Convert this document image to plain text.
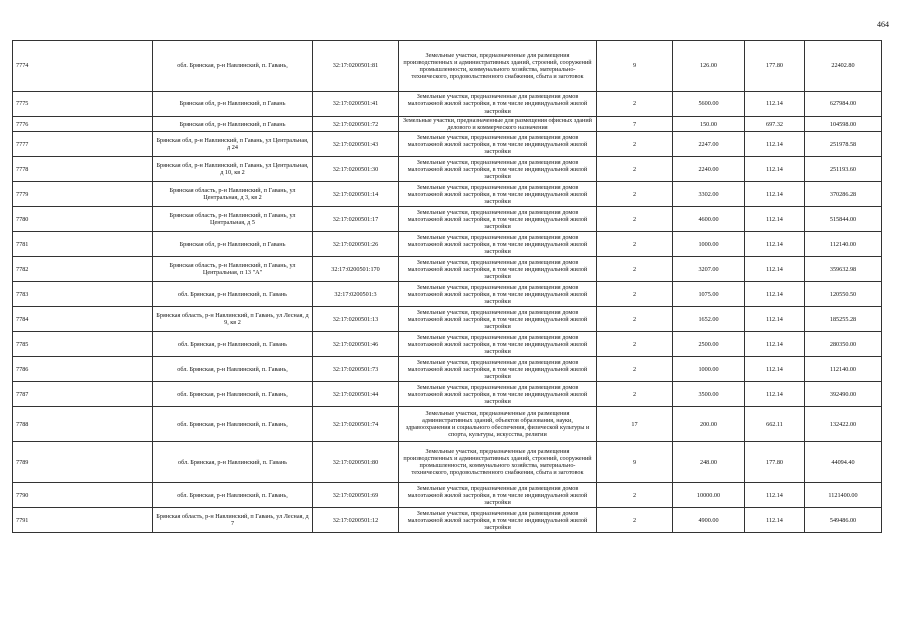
464
7774	обл. Брянская, р-н Навлинский, п. Гавань,	32:17:0200501:81	Земельные участки, предназначенные для размещения производственных и административных зданий, строений, сооружений промышленности, коммунального хозяйства, материально-технического, продовольственного снабжения, сбыта и заготовок	9	126.00	177.80	22402.80
7775	Брянская обл, р-н Навлинский, п Гавань	32:17:0200501:41	Земельные участки, предназначенные для размещения домов малоэтажной жилой застройки, в том числе индивидуальной жилой застройки	2	5600.00	112.14	627984.00
7776	Брянская обл, р-н Навлинский, п Гавань	32:17:0200501:72	Земельные участки, предназначенные для размещения офисных зданий делового и коммерческого назначения	7	150.00	697.32	104598.00
7777	Брянская обл, р-н Навлинский, п Гавань, ул Центральная, д 24	32:17:0200501:43	Земельные участки, предназначенные для размещения домов малоэтажной жилой застройки, в том числе индивидуальной жилой застройки	2	2247.00	112.14	251978.58
7778	Брянская обл, р-н Навлинский, п Гавань, ул Центральная, д 10, кв 2	32:17:0200501:30	Земельные участки, предназначенные для размещения домов малоэтажной жилой застройки, в том числе индивидуальной жилой застройки	2	2240.00	112.14	251193.60
7779	Брянская область, р-н Навлинский, п Гавань, ул Центральная, д 3, кв 2	32:17:0200501:14	Земельные участки, предназначенные для размещения домов малоэтажной жилой застройки, в том числе индивидуальной жилой застройки	2	3302.00	112.14	370286.28
7780	Брянская область, р-н Навлинский, п Гавань, ул Центральная, д 5	32:17:0200501:17	Земельные участки, предназначенные для размещения домов малоэтажной жилой застройки, в том числе индивидуальной жилой застройки	2	4600.00	112.14	515844.00
7781	Брянская обл, р-н Навлинский, п Гавань	32:17:0200501:26	Земельные участки, предназначенные для размещения домов малоэтажной жилой застройки, в том числе индивидуальной жилой застройки	2	1000.00	112.14	112140.00
7782	Брянская область, р-н Навлинский, п Гавань, ул Центральная, п 13 "А"	32:17:0200501:170	Земельные участки, предназначенные для размещения домов малоэтажной жилой застройки, в том числе индивидуальной жилой застройки	2	3207.00	112.14	359632.98
7783	обл. Брянская, р-н Навлинский, п. Гавань	32:17:0200501:3	Земельные участки, предназначенные для размещения домов малоэтажной жилой застройки, в том числе индивидуальной жилой застройки	2	1075.00	112.14	120550.50
7784	Брянская область, р-н Навлинский, п Гавань, ул Лесная, д 9, кв 2	32:17:0200501:13	Земельные участки, предназначенные для размещения домов малоэтажной жилой застройки, в том числе индивидуальной жилой застройки	2	1652.00	112.14	185255.28
7785	обл. Брянская, р-н Навлинский, п. Гавань	32:17:0200501:46	Земельные участки, предназначенные для размещения домов малоэтажной жилой застройки, в том числе индивидуальной жилой застройки	2	2500.00	112.14	280350.00
7786	обл. Брянская, р-н Навлинский, п. Гавань,	32:17:0200501:73	Земельные участки, предназначенные для размещения домов малоэтажной жилой застройки, в том числе индивидуальной жилой застройки	2	1000.00	112.14	112140.00
7787	обл. Брянская, р-н Навлинский, п. Гавань,	32:17:0200501:44	Земельные участки, предназначенные для размещения домов малоэтажной жилой застройки, в том числе индивидуальной жилой застройки	2	3500.00	112.14	392490.00
7788	обл. Брянская, р-н Навлинский, п. Гавань,	32:17:0200501:74	Земельные участки, предназначенные для размещения административных зданий, объектов образования, науки, здравоохранения и социального обеспечения, физической культуры и спорта, культуры, искусства, религии	17	200.00	662.11	132422.00
7789	обл. Брянская, р-н Навлинский, п. Гавань	32:17:0200501:80	Земельные участки, предназначенные для размещения производственных и административных зданий, строений, сооружений промышленности, коммунального хозяйства, материально-технического, продовольственного снабжения, сбыта и заготовок	9	248.00	177.80	44094.40
7790	обл. Брянская, р-н Навлинский, п. Гавань,	32:17:0200501:69	Земельные участки, предназначенные для размещения домов малоэтажной жилой застройки, в том числе индивидуальной жилой застройки	2	10000.00	112.14	1121400.00
7791	Брянская область, р-н Навлинский, п Гавань, ул Лесная, д 7	32:17:0200501:12	Земельные участки, предназначенные для размещения домов малоэтажной жилой застройки, в том числе индивидуальной жилой застройки	2	4900.00	112.14	549486.00
